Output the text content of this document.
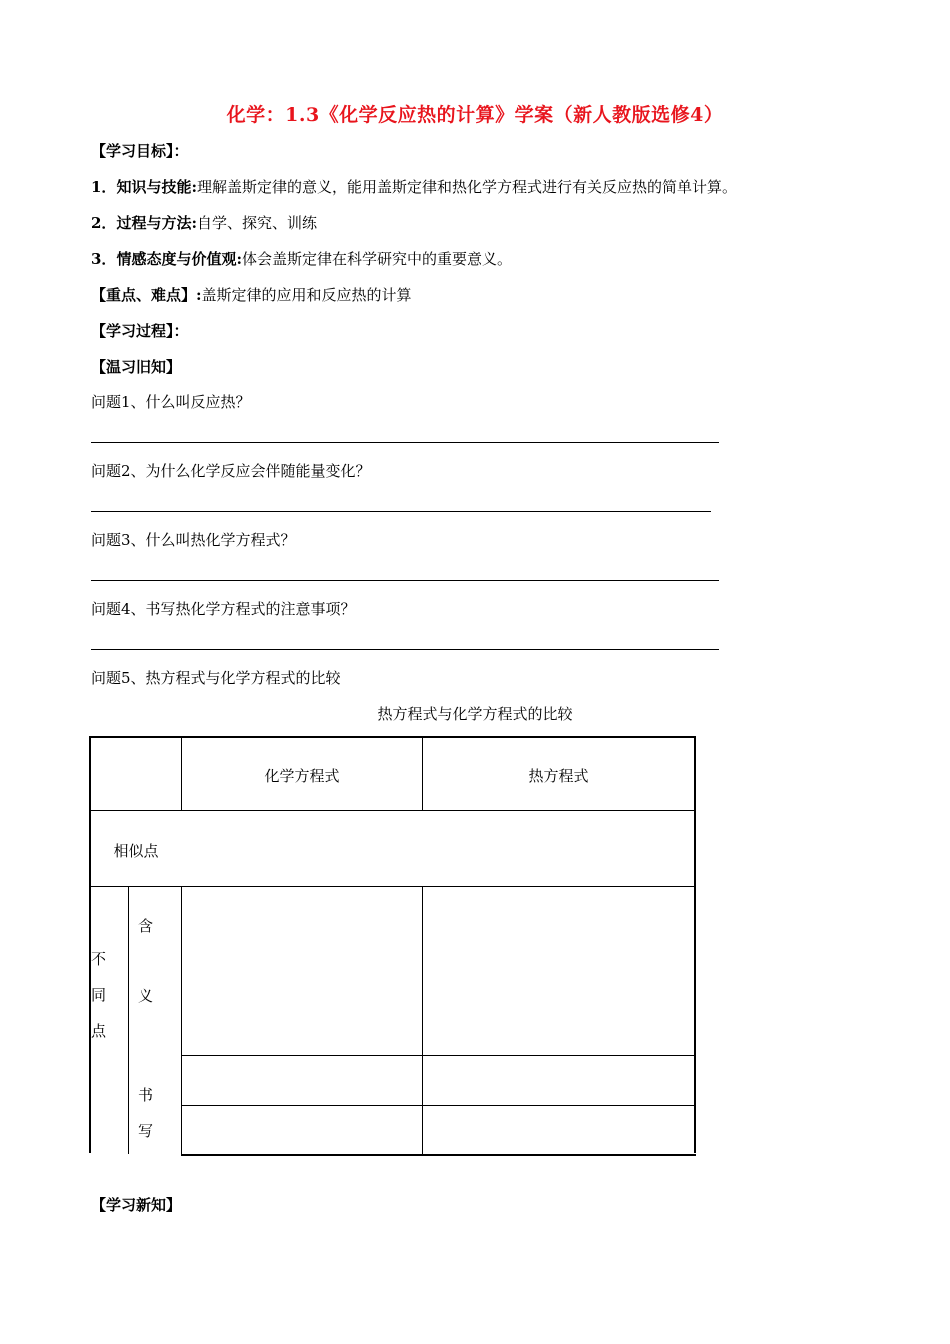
化学：1.3《化学反应热的计算》学案（新人教版选修4）
【学习目标】：
1．知识与技能:理解盖斯定律的意义，能用盖斯定律和热化学方程式进行有关反应热的简单计算。
2．过程与方法:自学、探究、训练
3．情感态度与价值观:体会盖斯定律在科学研究中的重要意义。
【重点、难点】:盖斯定律的应用和反应热的计算
【学习过程】：
【温习旧知】
问题1、什么叫反应热？
问题2、为什么化学反应会伴随能量变化？
问题3、什么叫热化学方程式？
问题4、书写热化学方程式的注意事项？
问题5、热方程式与化学方程式的比较
热方程式与化学方程式的比较
化学方程式	热方程式
相似点
不
同
点
含
义
书
写
【学习新知】
